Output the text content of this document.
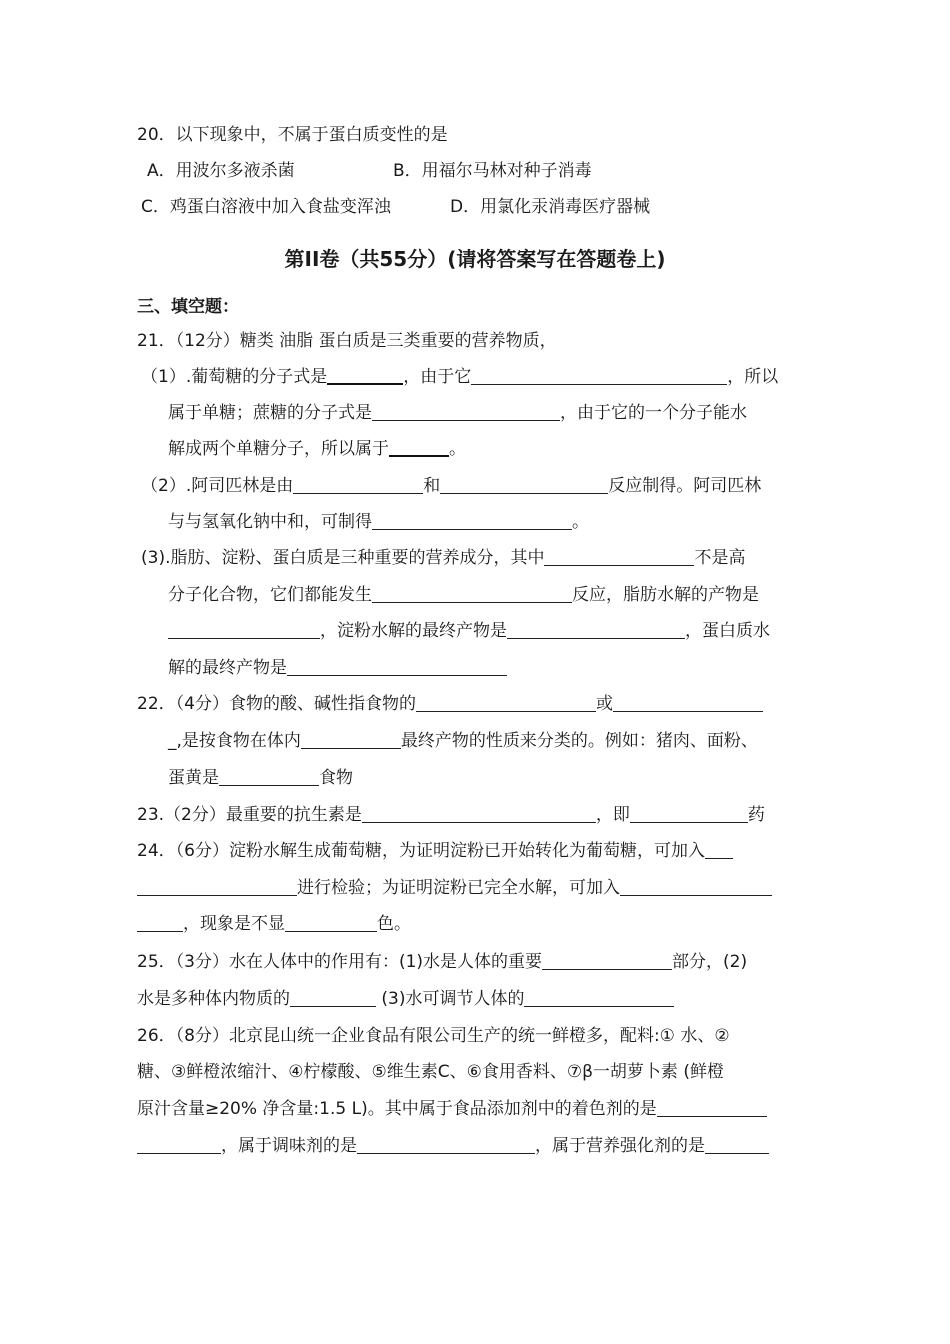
20．以下现象中，不属于蛋白质变性的是
A．用波尔多液杀菌	B．用福尔马林对种子消毒
C．鸡蛋白溶液中加入食盐变浑浊	D．用氯化汞消毒医疗器械
第II卷（共55分）(请将答案写在答题卷上)
三、填空题：
21．（12分）糖类 油脂 蛋白质是三类重要的营养物质，
（1）.葡萄糖的分子式是	，由于它	，所以
属于单糖；蔗糖的分子式是	，由于它的一个分子能水
解成两个单糖分子，所以属于	。
（2）.阿司匹林是由	和	反应制得。阿司匹林
与与氢氧化钠中和，可制得	。
(3).脂肪、淀粉、蛋白质是三种重要的营养成分，其中	不是高
分子化合物，它们都能发生	反应，脂肪水解的产物是
，淀粉水解的最终产物是	，蛋白质水
解的最终产物是
22．（4分）食物的酸、碱性指食物的	或
_,是按食物在体内	最终产物的性质来分类的。例如：猪肉、面粉、
蛋黄是	食物
23.（2分）最重要的抗生素是	，即	药
24．（6分）淀粉水解生成葡萄糖，为证明淀粉已开始转化为葡萄糖，可加入
进行检验；为证明淀粉已完全水解，可加入
，现象是不显	色。
25．（3分）水在人体中的作用有：(1)水是人体的重要	部分，(2)
水是多种体内物质的	(3)水可调节人体的
26．（8分）北京昆山统一企业食品有限公司生产的统一鲜橙多，配料:① 水、②
糖、③鲜橙浓缩汁、④柠檬酸、⑤维生素C、⑥食用香料、⑦β一胡萝卜素 (鲜橙
原汁含量≥20% 净含量:1.5 L)。其中属于食品添加剂中的着色剂的是
，属于调味剂的是	，属于营养强化剂的是
